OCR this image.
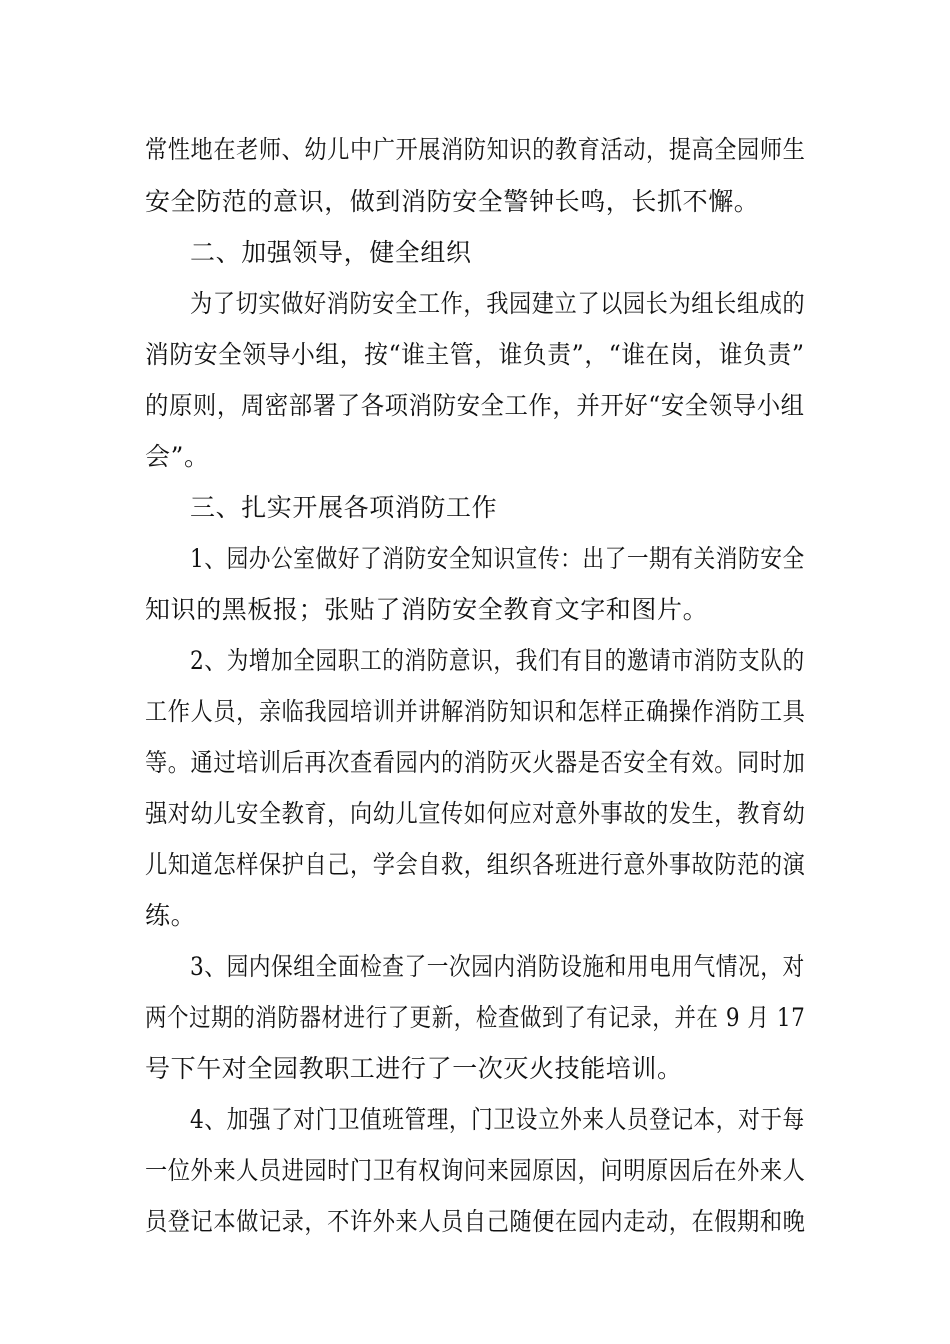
常性地在老师、幼儿中广开展消防知识的教育活动，提高全园师生
安全防范的意识，做到消防安全警钟长鸣，长抓不懈。
二、加强领导，健全组织
为了切实做好消防安全工作，我园建立了以园长为组长组成的
消防安全领导小组，按“谁主管，谁负责”，“谁在岗，谁负责”
的原则，周密部署了各项消防安全工作，并开好“安全领导小组
会”。
三、扎实开展各项消防工作
1、园办公室做好了消防安全知识宣传：出了一期有关消防安全
知识的黑板报；张贴了消防安全教育文字和图片。
2、为增加全园职工的消防意识，我们有目的邀请市消防支队的
工作人员，亲临我园培训并讲解消防知识和怎样正确操作消防工具
等。通过培训后再次查看园内的消防灭火器是否安全有效。同时加
强对幼儿安全教育，向幼儿宣传如何应对意外事故的发生，教育幼
儿知道怎样保护自己，学会自救，组织各班进行意外事故防范的演
练。
3、园内保组全面检查了一次园内消防设施和用电用气情况，对
两个过期的消防器材进行了更新，检查做到了有记录，并在 9 月 17
号下午对全园教职工进行了一次灭火技能培训。
4、加强了对门卫值班管理，门卫设立外来人员登记本，对于每
一位外来人员进园时门卫有权询问来园原因，问明原因后在外来人
员登记本做记录，不许外来人员自己随便在园内走动，在假期和晚
